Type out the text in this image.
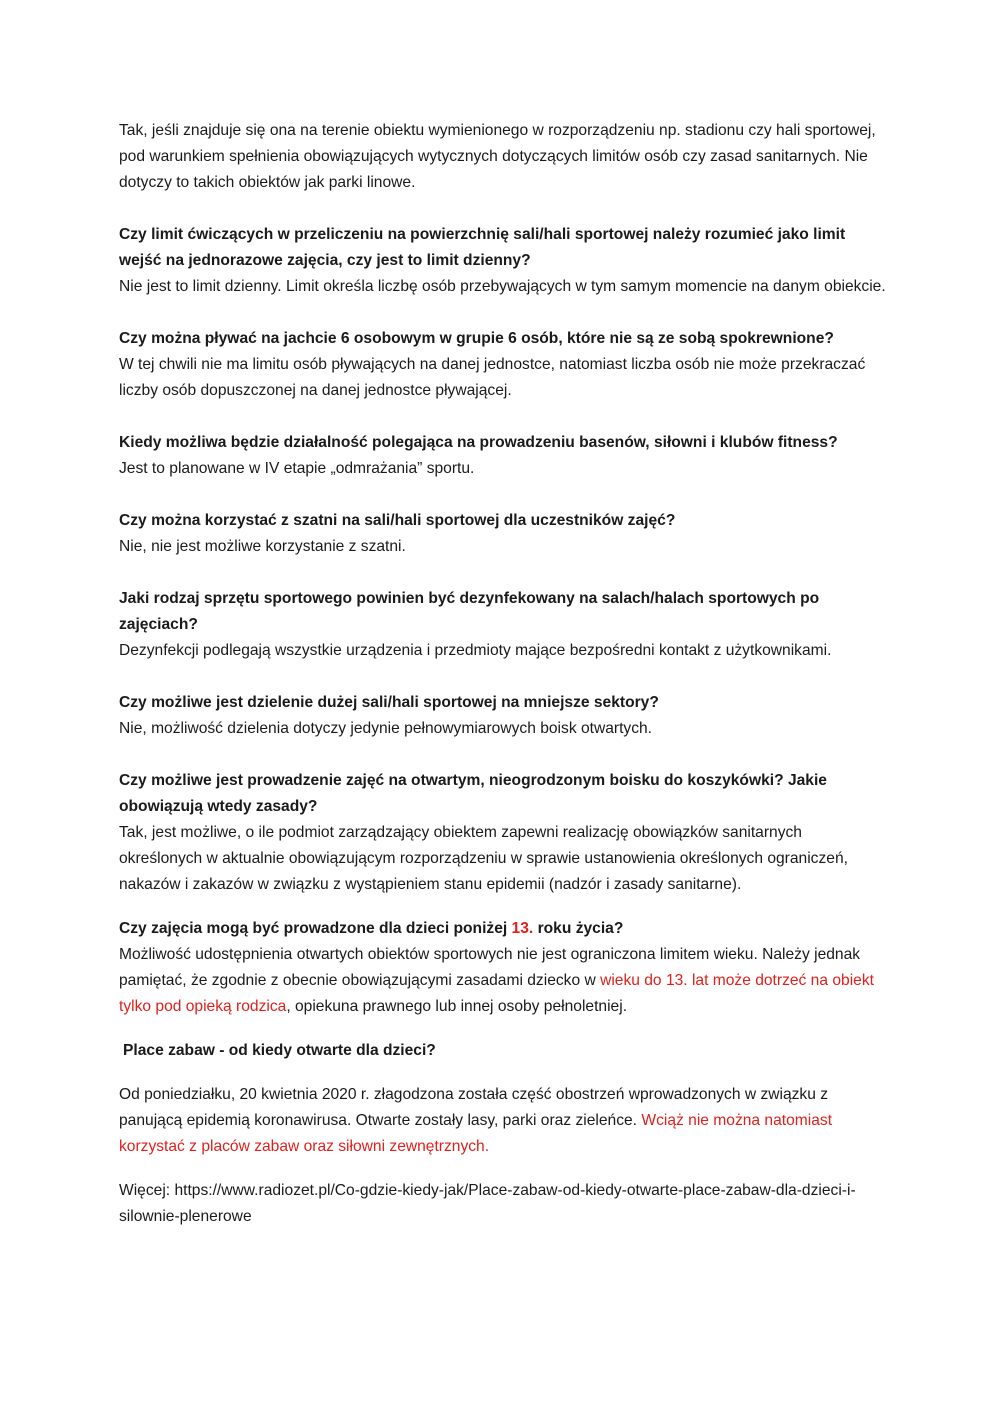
Tak, jeśli znajduje się ona na terenie obiektu wymienionego w rozporządzeniu np. stadionu czy hali sportowej, pod warunkiem spełnienia obowiązujących wytycznych dotyczących limitów osób czy zasad sanitarnych. Nie dotyczy to takich obiektów jak parki linowe.

Czy limit ćwiczących w przeliczeniu na powierzchnię sali/hali sportowej należy rozumieć jako limit wejść na jednorazowe zajęcia, czy jest to limit dzienny?

Nie jest to limit dzienny. Limit określa liczbę osób przebywających w tym samym momencie na danym obiekcie.

Czy można pływać na jachcie 6 osobowym w grupie 6 osób, które nie są ze sobą spokrewnione?

W tej chwili nie ma limitu osób pływających na danej jednostce, natomiast liczba osób nie może przekraczać liczby osób dopuszczonej na danej jednostce pływającej.

Kiedy możliwa będzie działalność polegająca na prowadzeniu basenów, siłowni i klubów fitness?

Jest to planowane w IV etapie „odmrażania” sportu.

Czy można korzystać z szatni na sali/hali sportowej dla uczestników zajęć?

Nie, nie jest możliwe korzystanie z szatni.

Jaki rodzaj sprzętu sportowego powinien być dezynfekowany na salach/halach sportowych po zajęciach?

Dezynfekcji podlegają wszystkie urządzenia i przedmioty mające bezpośredni kontakt z użytkownikami.

Czy możliwe jest dzielenie dużej sali/hali sportowej na mniejsze sektory?

Nie, możliwość dzielenia dotyczy jedynie pełnowymiarowych boisk otwartych.

Czy możliwe jest prowadzenie zajęć na otwartym, nieogrodzonym boisku do koszykówki? Jakie obowiązują wtedy zasady?

Tak, jest możliwe, o ile podmiot zarządzający obiektem zapewni realizację obowiązków sanitarnych określonych w aktualnie obowiązującym rozporządzeniu w sprawie ustanowienia określonych ograniczeń, nakazów i zakazów w związku z wystąpieniem stanu epidemii (nadzór i zasady sanitarne).

Czy zajęcia mogą być prowadzone dla dzieci poniżej 13. roku życia?

Możliwość udostępnienia otwartych obiektów sportowych nie jest ograniczona limitem wieku. Należy jednak pamiętać, że zgodnie z obecnie obowiązującymi zasadami dziecko w wieku do 13. lat może dotrzeć na obiekt tylko pod opieką rodzica, opiekuna prawnego lub innej osoby pełnoletniej.

Place zabaw - od kiedy otwarte dla dzieci?

Od poniedziałku, 20 kwietnia 2020 r. złagodzona została część obostrzeń wprowadzonych w związku z panującą epidemią koronawirusa. Otwarte zostały lasy, parki oraz zieleńce. Wciąż nie można natomiast korzystać z placów zabaw oraz siłowni zewnętrznych.

Więcej: https://www.radiozet.pl/Co-gdzie-kiedy-jak/Place-zabaw-od-kiedy-otwarte-place-zabaw-dla-dzieci-i-silownie-plenerowe
